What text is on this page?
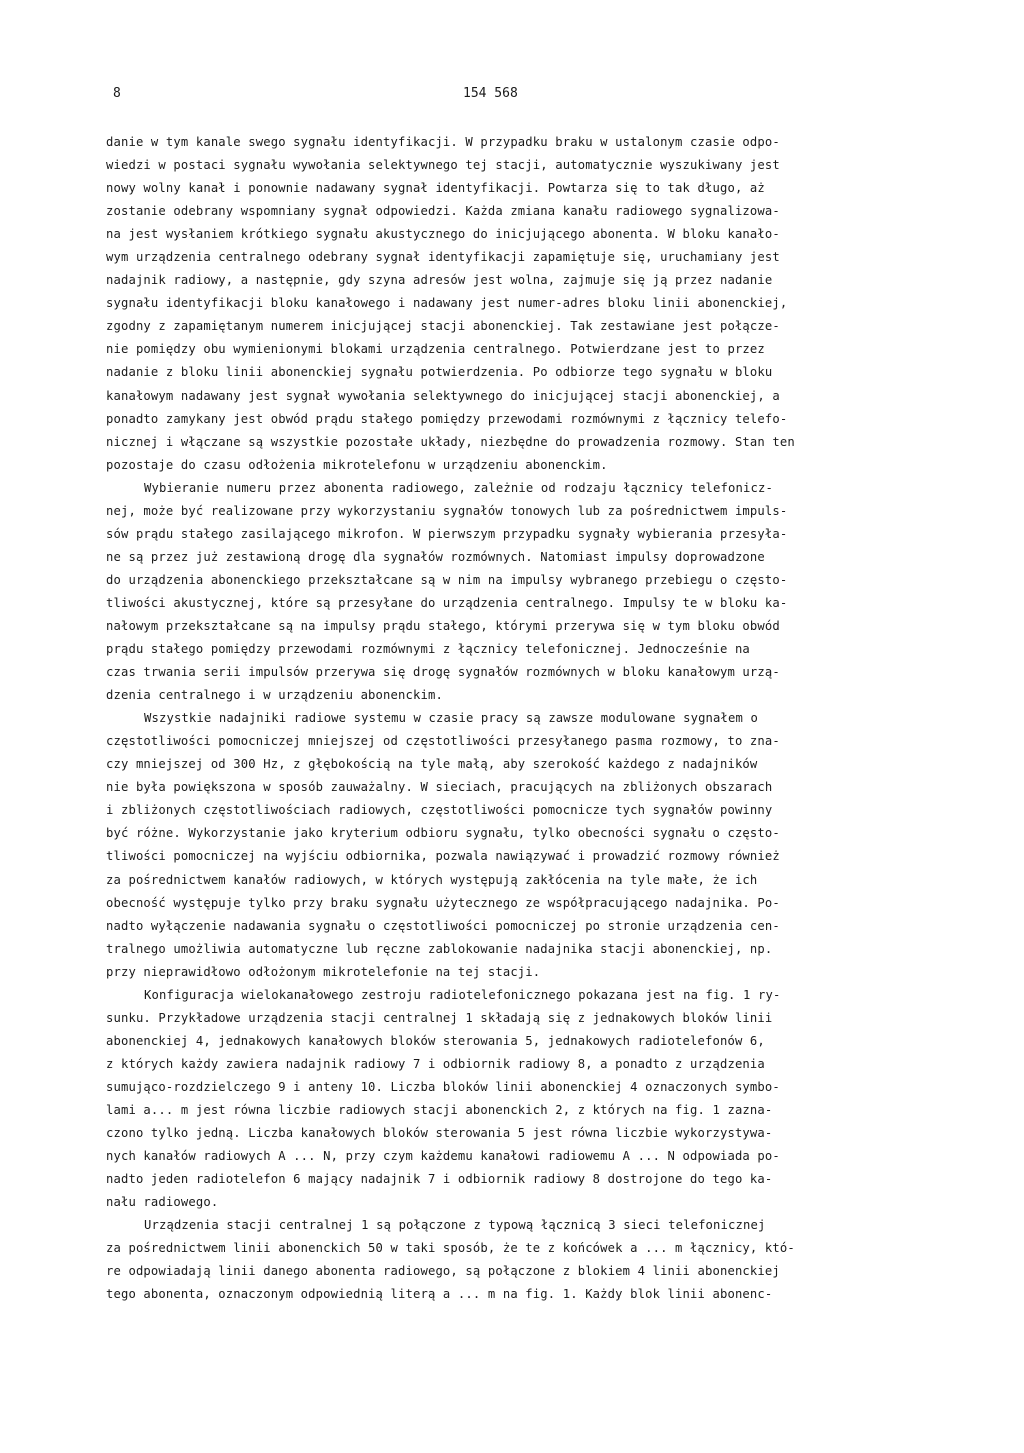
8	154 568
danie w tym kanale swego sygnału identyfikacji. W przypadku braku w ustalonym czasie odpo-
wiedzi w postaci sygnału wywołania selektywnego tej stacji, automatycznie wyszukiwany jest
nowy wolny kanał i ponownie nadawany sygnał identyfikacji. Powtarza się to tak długo, aż
zostanie odebrany wspomniany sygnał odpowiedzi. Każda zmiana kanału radiowego sygnalizowa-
na jest wysłaniem krótkiego sygnału akustycznego do inicjującego abonenta. W bloku kanało-
wym urządzenia centralnego odebrany sygnał identyfikacji zapamiętuje się, uruchamiany jest
nadajnik radiowy, a następnie, gdy szyna adresów jest wolna, zajmuje się ją przez nadanie
sygnału identyfikacji bloku kanałowego i nadawany jest numer-adres bloku linii abonenckiej,
zgodny z zapamiętanym numerem inicjującej stacji abonenckiej. Tak zestawiane jest połącze-
nie pomiędzy obu wymienionymi blokami urządzenia centralnego. Potwierdzane jest to przez
nadanie z bloku linii abonenckiej sygnału potwierdzenia. Po odbiorze tego sygnału w bloku
kanałowym nadawany jest sygnał wywołania selektywnego do inicjującej stacji abonenckiej, a
ponadto zamykany jest obwód prądu stałego pomiędzy przewodami rozmównymi z łącznicy telefo-
nicznej i włączane są wszystkie pozostałe układy, niezbędne do prowadzenia rozmowy. Stan ten
pozostaje do czasu odłożenia mikrotelefonu w urządzeniu abonenckim.
Wybieranie numeru przez abonenta radiowego, zależnie od rodzaju łącznicy telefonicz-
nej, może być realizowane przy wykorzystaniu sygnałów tonowych lub za pośrednictwem impuls-
sów prądu stałego zasilającego mikrofon. W pierwszym przypadku sygnały wybierania przesyła-
ne są przez już zestawioną drogę dla sygnałów rozmównych. Natomiast impulsy doprowadzone
do urządzenia abonenckiego przekształcane są w nim na impulsy wybranego przebiegu o często-
tliwości akustycznej, które są przesyłane do urządzenia centralnego. Impulsy te w bloku ka-
nałowym przekształcane są na impulsy prądu stałego, którymi przerywa się w tym bloku obwód
prądu stałego pomiędzy przewodami rozmównymi z łącznicy telefonicznej. Jednocześnie na
czas trwania serii impulsów przerywa się drogę sygnałów rozmównych w bloku kanałowym urzą-
dzenia centralnego i w urządzeniu abonenckim.
Wszystkie nadajniki radiowe systemu w czasie pracy są zawsze modulowane sygnałem o
częstotliwości pomocniczej mniejszej od częstotliwości przesyłanego pasma rozmowy, to zna-
czy mniejszej od 300 Hz, z głębokością na tyle małą, aby szerokość każdego z nadajników
nie była powiększona w sposób zauważalny. W sieciach, pracujących na zbliżonych obszarach
i zbliżonych częstotliwościach radiowych, częstotliwości pomocnicze tych sygnałów powinny
być różne. Wykorzystanie jako kryterium odbioru sygnału, tylko obecności sygnału o często-
tliwości pomocniczej na wyjściu odbiornika, pozwala nawiązywać i prowadzić rozmowy również
za pośrednictwem kanałów radiowych, w których występują zakłócenia na tyle małe, że ich
obecność występuje tylko przy braku sygnału użytecznego ze współpracującego nadajnika. Po-
nadto wyłączenie nadawania sygnału o częstotliwości pomocniczej po stronie urządzenia cen-
tralnego umożliwia automatyczne lub ręczne zablokowanie nadajnika stacji abonenckiej, np.
przy nieprawidłowo odłożonym mikrotelefonie na tej stacji.
Konfiguracja wielokanałowego zestroju radiotelefonicznego pokazana jest na fig. 1 ry-
sunku. Przykładowe urządzenia stacji centralnej 1 składają się z jednakowych bloków linii
abonenckiej 4, jednakowych kanałowych bloków sterowania 5, jednakowych radiotelefonów 6,
z których każdy zawiera nadajnik radiowy 7 i odbiornik radiowy 8, a ponadto z urządzenia
sumująco-rozdzielczego 9 i anteny 10. Liczba bloków linii abonenckiej 4 oznaczonych symbo-
lami a... m jest równa liczbie radiowych stacji abonenckich 2, z których na fig. 1 zazna-
czono tylko jedną. Liczba kanałowych bloków sterowania 5 jest równa liczbie wykorzystywa-
nych kanałów radiowych A ... N, przy czym każdemu kanałowi radiowemu A ... N odpowiada po-
nadto jeden radiotelefon 6 mający nadajnik 7 i odbiornik radiowy 8 dostrojone do tego ka-
nału radiowego.
Urządzenia stacji centralnej 1 są połączone z typową łącznicą 3 sieci telefonicznej
za pośrednictwem linii abonenckich 50 w taki sposób, że te z końcówek a ... m łącznicy, któ-
re odpowiadają linii danego abonenta radiowego, są połączone z blokiem 4 linii abonenckiej
tego abonenta, oznaczonym odpowiednią literą a ... m na fig. 1. Każdy blok linii abonenc-
